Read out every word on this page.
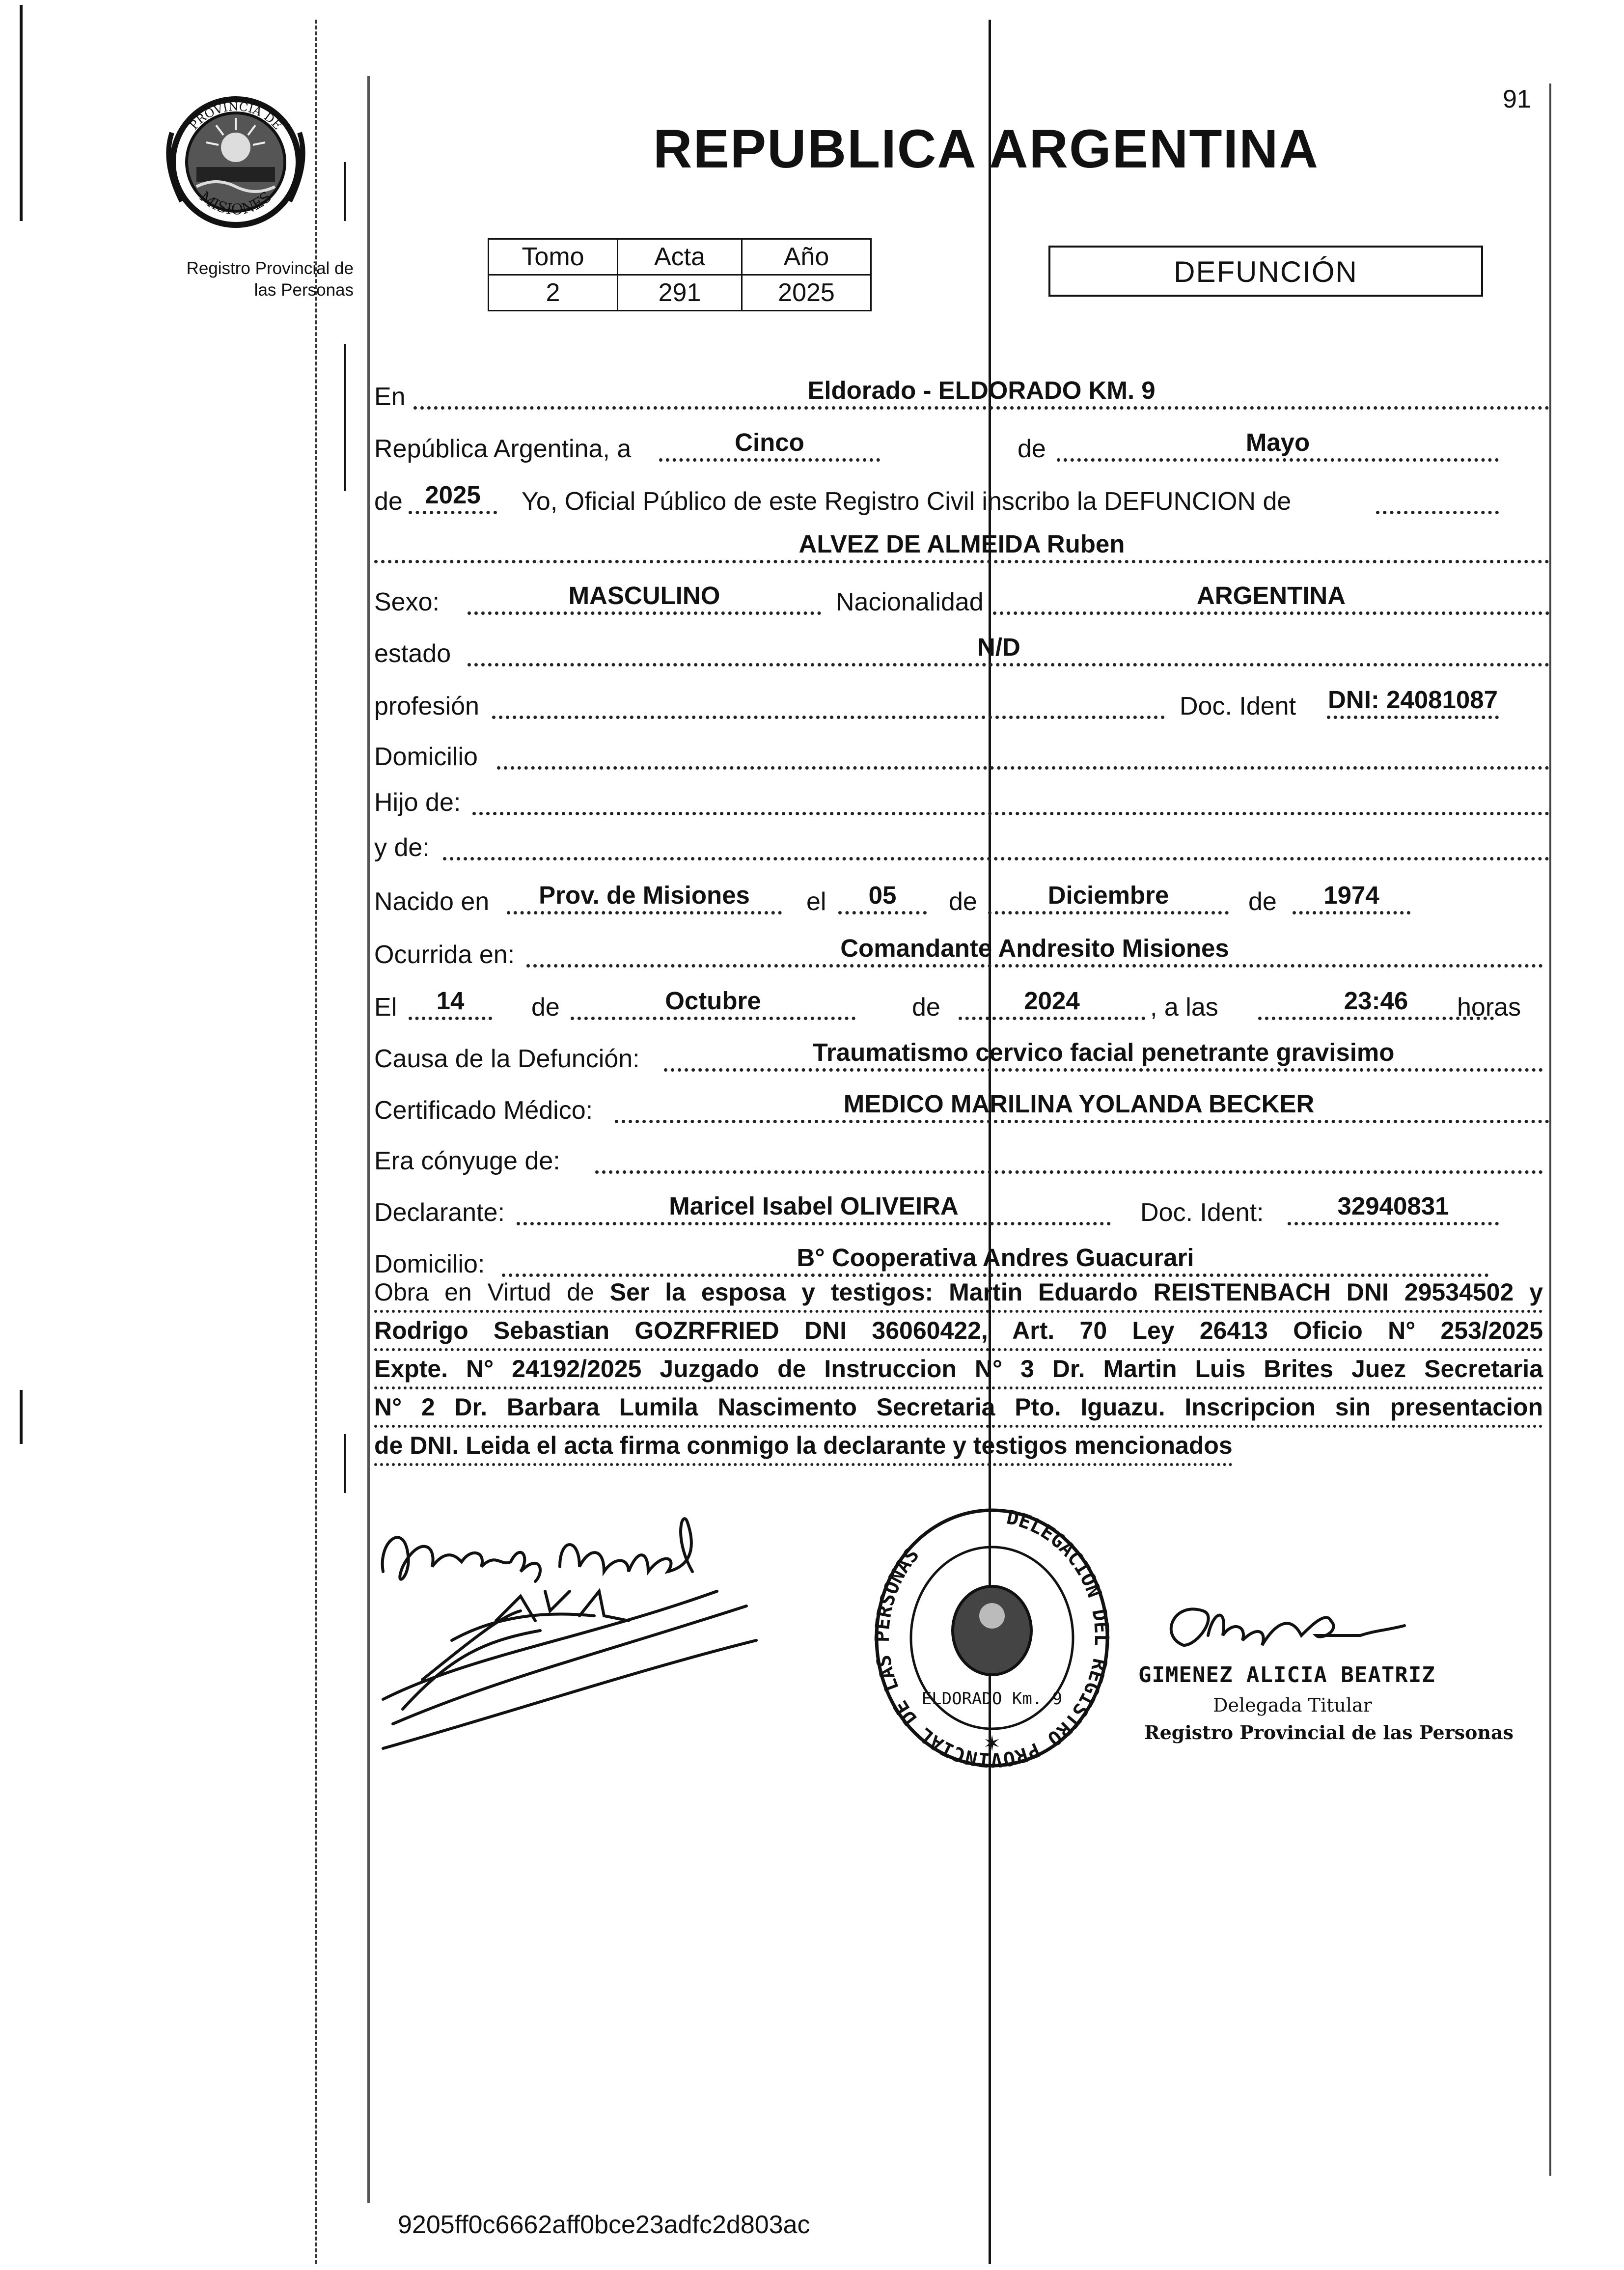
91
PROVINCIA DE
MISIONES
Registro Provincial de
las Personas
REPUBLICA ARGENTINA
Tomo	Acta	Año
2	291	2025
DEFUNCIÓN
En	Eldorado - ELDORADO KM. 9
República Argentina, a	Cinco	de	Mayo
de 2025	Yo, Oficial Público de este Registro Civil inscribo la DEFUNCION de
ALVEZ DE ALMEIDA Ruben
Sexo:	MASCULINO	Nacionalidad	ARGENTINA
estado	N/D
profesión	Doc. Ident DNI: 24081087
Domicilio
Hijo de:
y de:
Nacido en	Prov. de Misiones	el	05	de	Diciembre	de	1974
Ocurrida en:	Comandante Andresito Misiones
El	14	de	Octubre	de	2024	, a las	23:46	horas
Causa de la Defunción:	Traumatismo cervico facial penetrante gravisimo
Certificado Médico:	MEDICO MARILINA YOLANDA BECKER
Era cónyuge de:
Declarante:	Maricel Isabel OLIVEIRA	Doc. Ident:	32940831
Domicilio:	B° Cooperativa Andres Guacurari
Obra en Virtud de Ser la esposa y testigos: Martin Eduardo REISTENBACH DNI 29534502 y
Rodrigo Sebastian GOZRFRIED DNI 36060422, Art. 70 Ley 26413 Oficio N° 253/2025
Expte. N° 24192/2025 Juzgado de Instruccion N° 3 Dr. Martin Luis Brites Juez Secretaria
N° 2 Dr. Barbara Lumila Nascimento Secretaria Pto. Iguazu. Inscripcion sin presentacion
de DNI. Leida el acta firma conmigo la declarante y testigos mencionados
DELEGACION DEL REGISTRO PROVINCIAL DE LAS PERSONAS
ELDORADO Km. 9
✶
GIMENEZ ALICIA BEATRIZ
Delegada Titular
Registro Provincial de las Personas
9205ff0c6662aff0bce23adfc2d803ac
